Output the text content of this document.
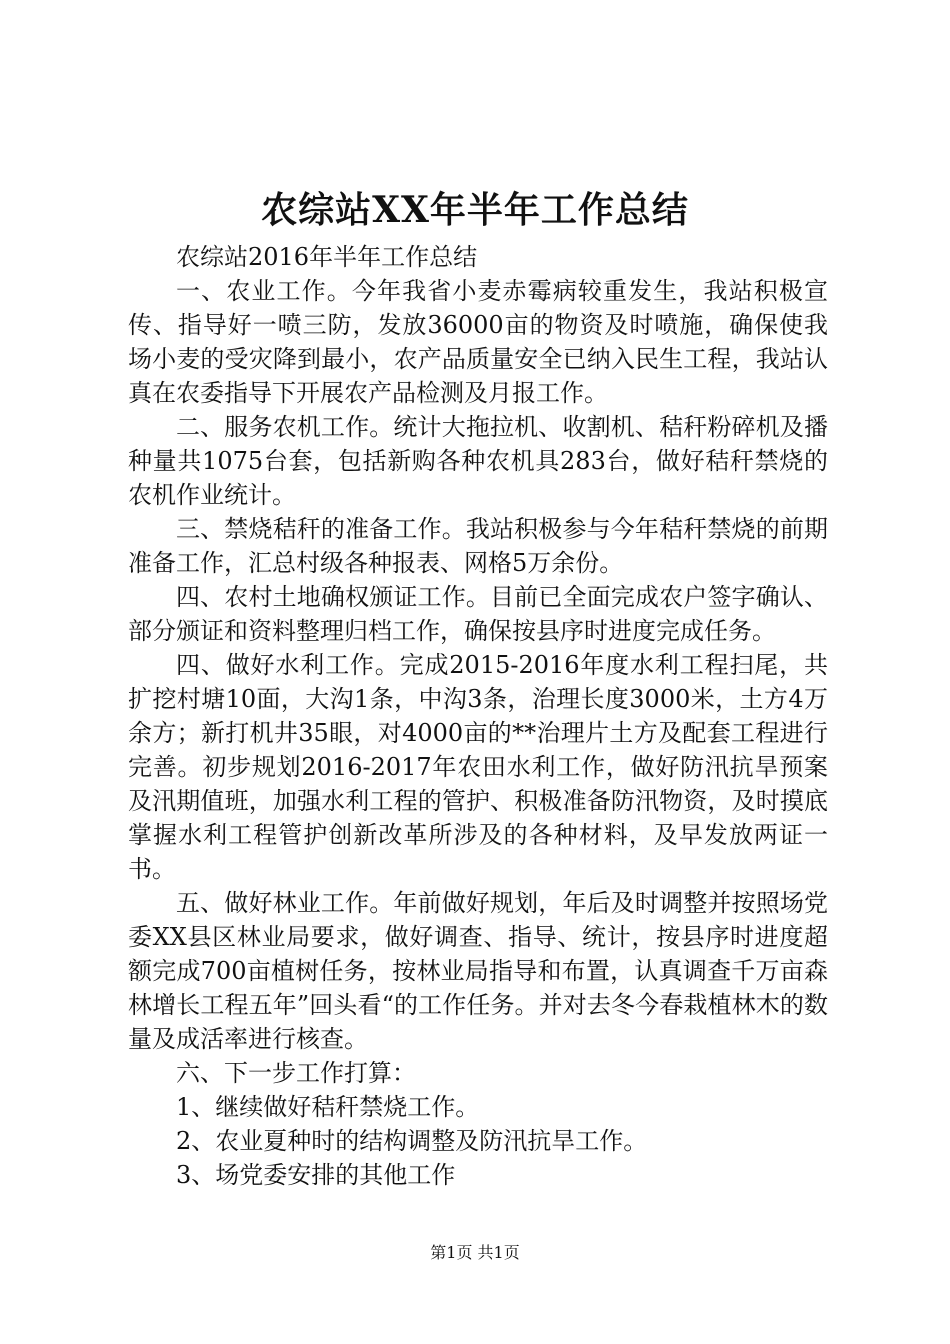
农综站XX年半年工作总结

农综站2016年半年工作总结

一、农业工作。今年我省小麦赤霉病较重发生，我站积极宣传、指导好一喷三防，发放36000亩的物资及时喷施，确保使我场小麦的受灾降到最小，农产品质量安全已纳入民生工程，我站认真在农委指导下开展农产品检测及月报工作。

二、服务农机工作。统计大拖拉机、收割机、秸秆粉碎机及播种量共1075台套，包括新购各种农机具283台，做好秸秆禁烧的农机作业统计。

三、禁烧秸秆的准备工作。我站积极参与今年秸秆禁烧的前期准备工作，汇总村级各种报表、网格5万余份。

四、农村土地确权颁证工作。目前已全面完成农户签字确认、部分颁证和资料整理归档工作，确保按县序时进度完成任务。

四、做好水利工作。完成2015-2016年度水利工程扫尾，共扩挖村塘10面，大沟1条，中沟3条，治理长度3000米，土方4万余方；新打机井35眼，对4000亩的**治理片土方及配套工程进行完善。初步规划2016-2017年农田水利工作，做好防汛抗旱预案及汛期值班，加强水利工程的管护、积极准备防汛物资，及时摸底掌握水利工程管护创新改革所涉及的各种材料，及早发放两证一书。

五、做好林业工作。年前做好规划，年后及时调整并按照场党委XX县区林业局要求，做好调查、指导、统计，按县序时进度超额完成700亩植树任务，按林业局指导和布置，认真调查千万亩森林增长工程五年”回头看“的工作任务。并对去冬今春栽植林木的数量及成活率进行核查。

六、下一步工作打算：

1、继续做好秸秆禁烧工作。

2、农业夏种时的结构调整及防汛抗旱工作。

3、场党委安排的其他工作

第1页 共1页
